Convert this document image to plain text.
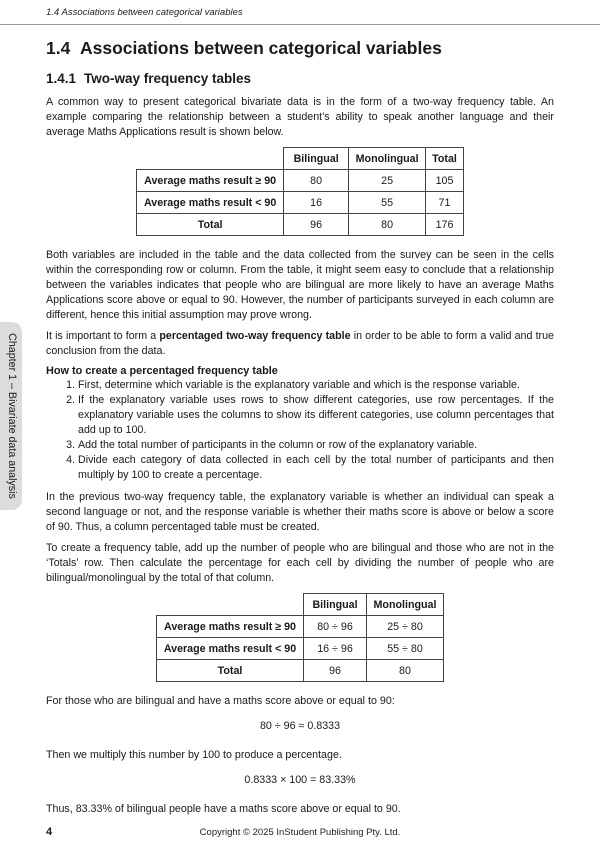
1.4 Associations between categorical variables
Chapter 1 – Bivariate data analysis
1.4 Associations between categorical variables
1.4.1 Two-way frequency tables

A common way to present categorical bivariate data is in the form of a two-way frequency table. An example comparing the relationship between a student’s ability to speak another language and their average Maths Applications result is shown below.

	Bilingual	Monolingual	Total
Average maths result ≥ 90	80	25	105
Average maths result < 90	16	55	71
Total	96	80	176

Both variables are included in the table and the data collected from the survey can be seen in the cells within the corresponding row or column. From the table, it might seem easy to conclude that a relationship between the variables indicates that people who are bilingual are more likely to have an average Maths Applications score above or equal to 90. However, the number of participants surveyed in each column are different, hence this initial assumption may prove wrong.

It is important to form a percentaged two-way frequency table in order to be able to form a valid and true conclusion from the data.

How to create a percentaged frequency table
1. First, determine which variable is the explanatory variable and which is the response variable.
2. If the explanatory variable uses rows to show different categories, use row percentages. If the explanatory variable uses the columns to show its different categories, use column percentages that add up to 100.
3. Add the total number of participants in the column or row of the explanatory variable.
4. Divide each category of data collected in each cell by the total number of participants and then multiply by 100 to create a percentage.

In the previous two-way frequency table, the explanatory variable is whether an individual can speak a second language or not, and the response variable is whether their maths score is above or below a score of 90. Thus, a column percentaged table must be created.

To create a frequency table, add up the number of people who are bilingual and those who are not in the ‘Totals’ row. Then calculate the percentage for each cell by dividing the number of people who are bilingual/monolingual by the total of that column.

	Bilingual	Monolingual
Average maths result ≥ 90	80 ÷ 96	25 ÷ 80
Average maths result < 90	16 ÷ 96	55 ÷ 80
Total	96	80

For those who are bilingual and have a maths score above or equal to 90:

80 ÷ 96 ≈ 0.8333

Then we multiply this number by 100 to produce a percentage.

0.8333 × 100 = 83.33%

Thus, 83.33% of bilingual people have a maths score above or equal to 90.

4	Copyright © 2025 InStudent Publishing Pty. Ltd.
